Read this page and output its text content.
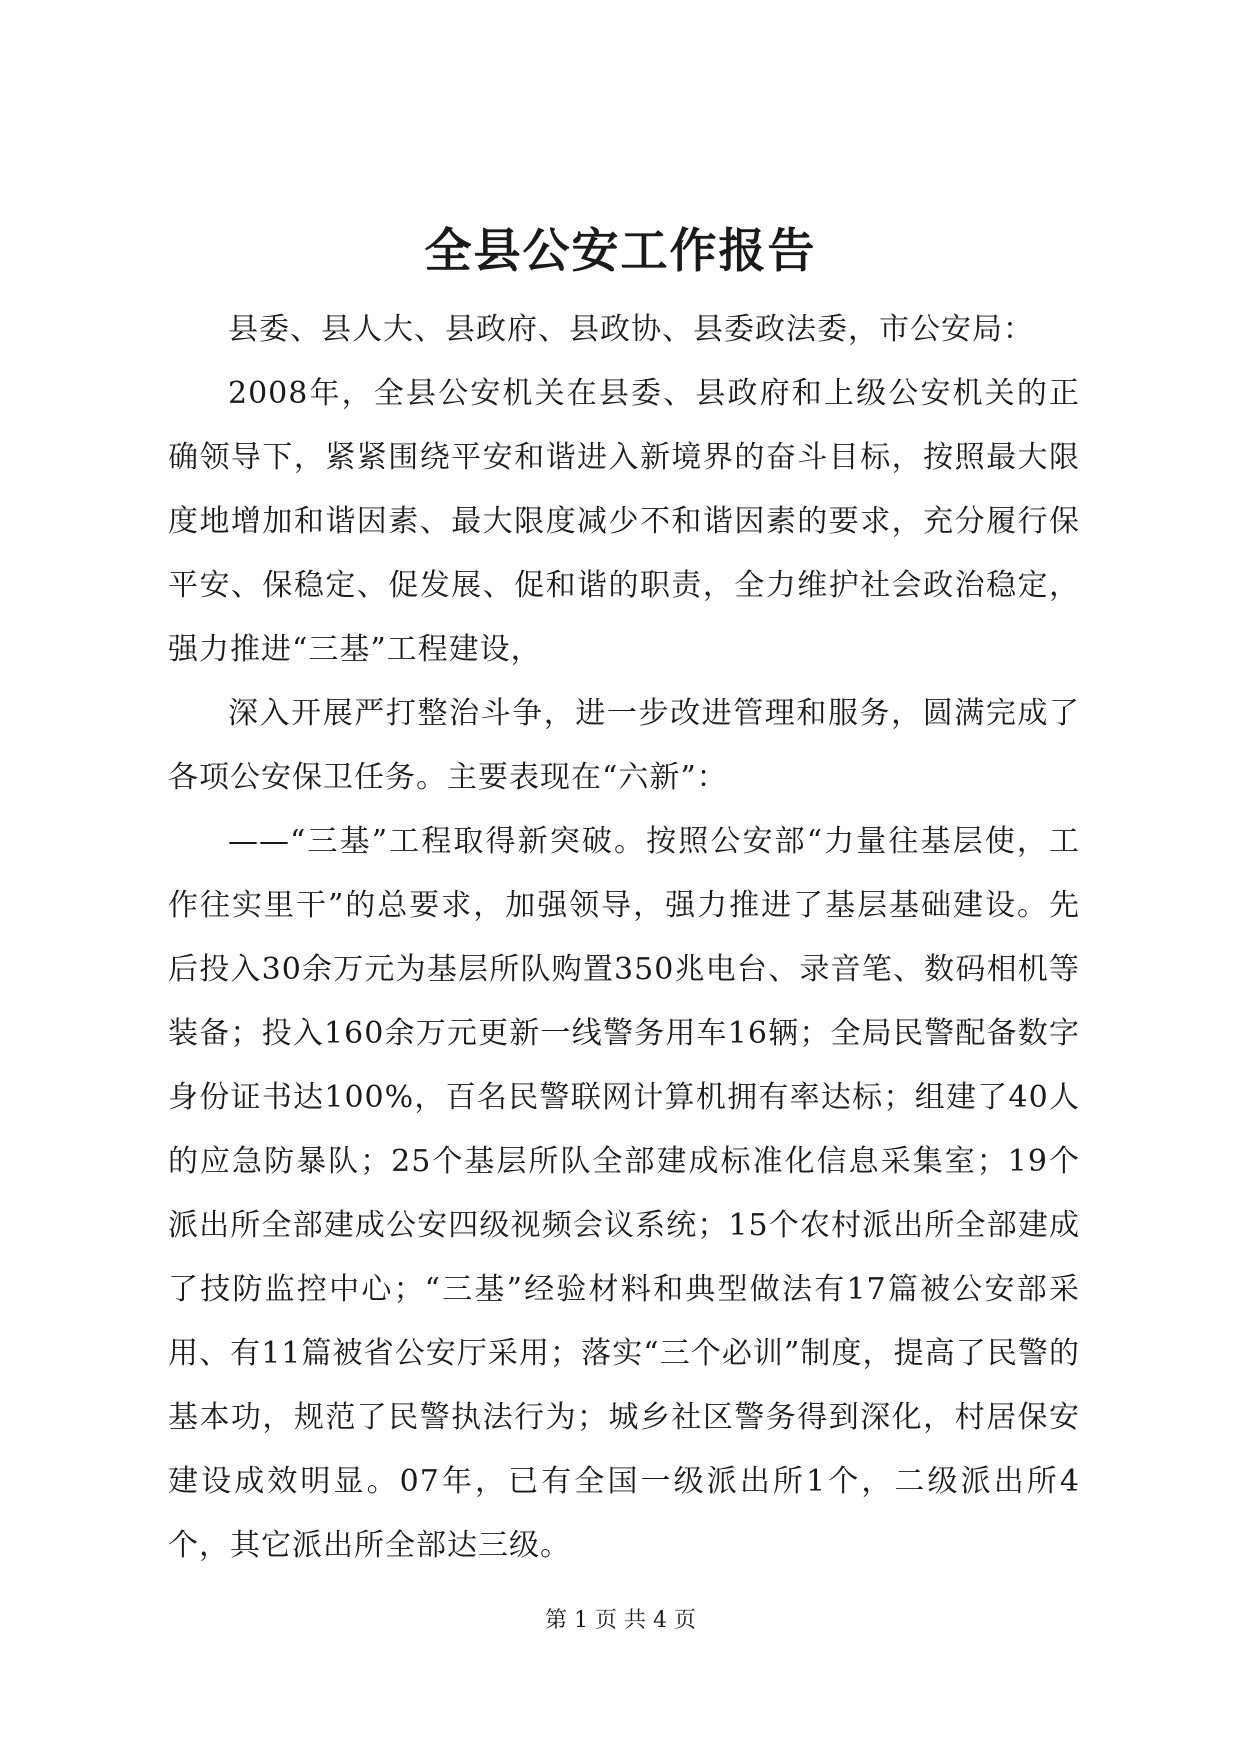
全县公安工作报告

县委、县人大、县政府、县政协、县委政法委，市公安局：

2008年，全县公安机关在县委、县政府和上级公安机关的正确领导下，紧紧围绕平安和谐进入新境界的奋斗目标，按照最大限度地增加和谐因素、最大限度减少不和谐因素的要求，充分履行保平安、保稳定、促发展、促和谐的职责，全力维护社会政治稳定，强力推进“三基”工程建设，

深入开展严打整治斗争，进一步改进管理和服务，圆满完成了各项公安保卫任务。主要表现在“六新”：

——“三基”工程取得新突破。按照公安部“力量往基层使，工作往实里干”的总要求，加强领导，强力推进了基层基础建设。先后投入30余万元为基层所队购置350兆电台、录音笔、数码相机等装备；投入160余万元更新一线警务用车16辆；全局民警配备数字身份证书达100%，百名民警联网计算机拥有率达标；组建了40人的应急防暴队；25个基层所队全部建成标准化信息采集室；19个派出所全部建成公安四级视频会议系统；15个农村派出所全部建成了技防监控中心；“三基”经验材料和典型做法有17篇被公安部采用、有11篇被省公安厅采用；落实“三个必训”制度，提高了民警的基本功，规范了民警执法行为；城乡社区警务得到深化，村居保安建设成效明显。07年，已有全国一级派出所1个，二级派出所4个，其它派出所全部达三级。

第 1 页 共 4 页
